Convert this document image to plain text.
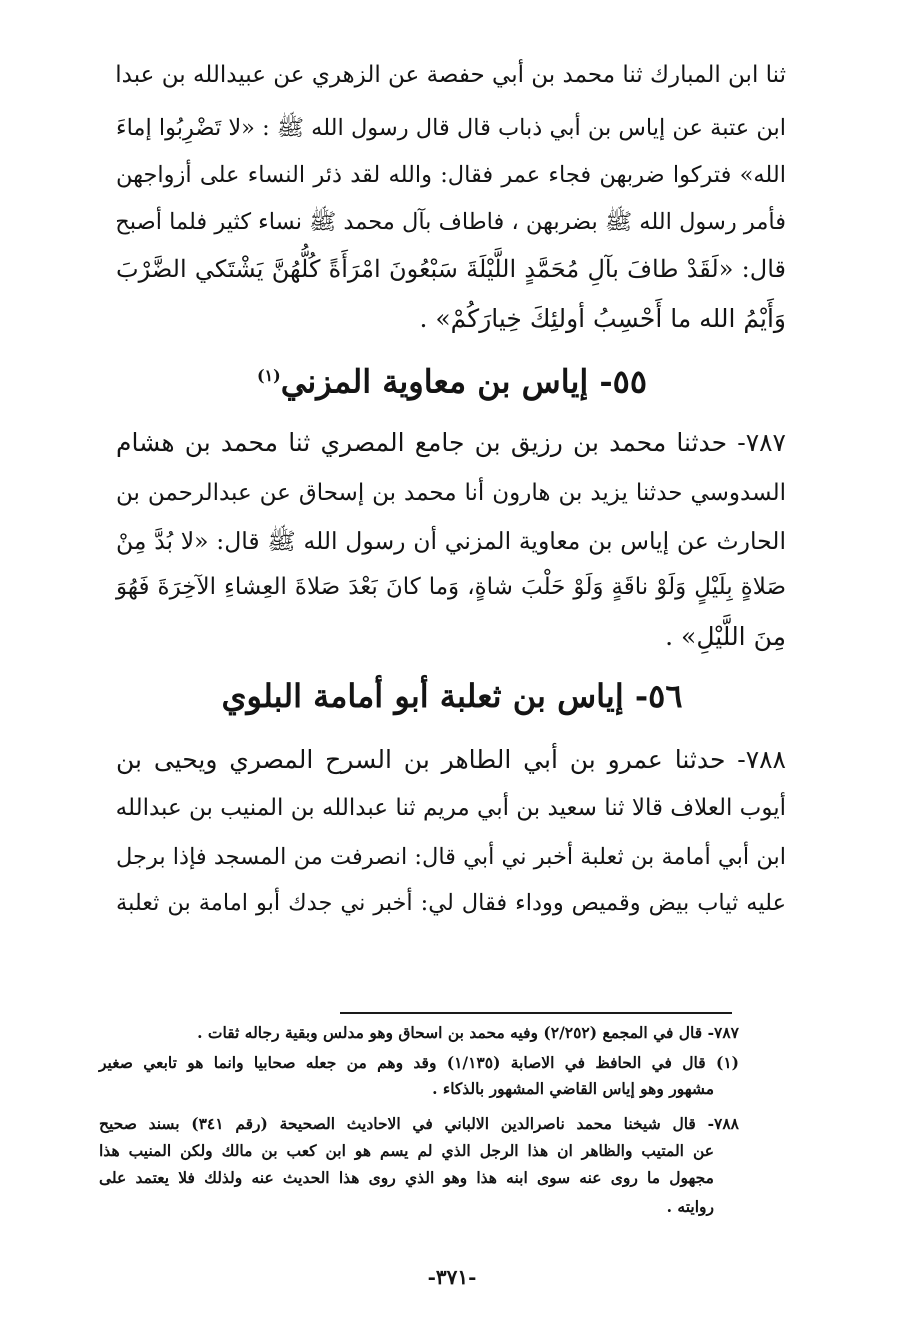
ثنا ابن المبارك ثنا محمد بن أبي حفصة عن الزهري عن عبيدالله بن عبدا
ابن عتبة عن إياس بن أبي ذباب قال قال رسول الله ﷺ : «لا تَضْرِبُوا إماءَ
الله» فتركوا ضربهن فجاء عمر فقال: والله لقد ذئر النساء على أزواجهن
فأمر رسول الله ﷺ بضربهن ، فاطاف بآل محمد ﷺ نساء كثير فلما أصبح
قال: «لَقَدْ طافَ بآلِ مُحَمَّدٍ اللَّيْلَةَ سَبْعُونَ امْرَأَةً كُلُّهُنَّ يَشْتَكي الضَّرْبَ
وَأَيْمُ الله ما أَحْسِبُ أولئِكَ خِيارَكُمْ» .
٥٥- إياس بن معاوية المزني$^{(١)}$
٧٨٧- حدثنا محمد بن رزيق بن جامع المصري ثنا محمد بن هشام
السدوسي حدثنا يزيد بن هارون أنا محمد بن إسحاق عن عبدالرحمن بن
الحارث عن إياس بن معاوية المزني أن رسول الله ﷺ قال: «لا بُدَّ مِنْ
صَلاةٍ بِلَيْلٍ وَلَوْ ناقَةٍ وَلَوْ حَلْبَ شاةٍ، وَما كانَ بَعْدَ صَلاةَ العِشاءِ الآخِرَةَ فَهُوَ
مِنَ اللَّيْلِ» .
٥٦- إياس بن ثعلبة أبو أمامة البلوي
٧٨٨- حدثنا عمرو بن أبي الطاهر بن السرح المصري ويحيى بن
أيوب العلاف قالا ثنا سعيد بن أبي مريم ثنا عبدالله بن المنيب بن عبدالله
ابن أبي أمامة بن ثعلبة أخبر ني أبي قال: انصرفت من المسجد فإذا برجل
عليه ثياب بيض وقميص ووداء فقال لي: أخبر ني جدك أبو امامة بن ثعلبة
٧٨٧- قال في المجمع (٢/٢٥٢) وفيه محمد بن اسحاق وهو مدلس وبقية رجاله ثقات .
(١) قال في الحافظ في الاصابة (١/١٣٥) وقد وهم من جعله صحابيا وانما هو تابعي صغير
مشهور وهو إياس القاضي المشهور بالذكاء .
٧٨٨- قال شيخنا محمد ناصرالدين الالباني في الاحاديث الصحيحة (رقم ٣٤١) بسند صحيح
عن المتيب والظاهر ان هذا الرجل الذي لم يسم هو ابن كعب بن مالك ولكن المنيب هذا
مجهول ما روى عنه سوى ابنه هذا وهو الذي روى هذا الحديث عنه ولذلك فلا يعتمد على
روايته .
-٣٧١-
